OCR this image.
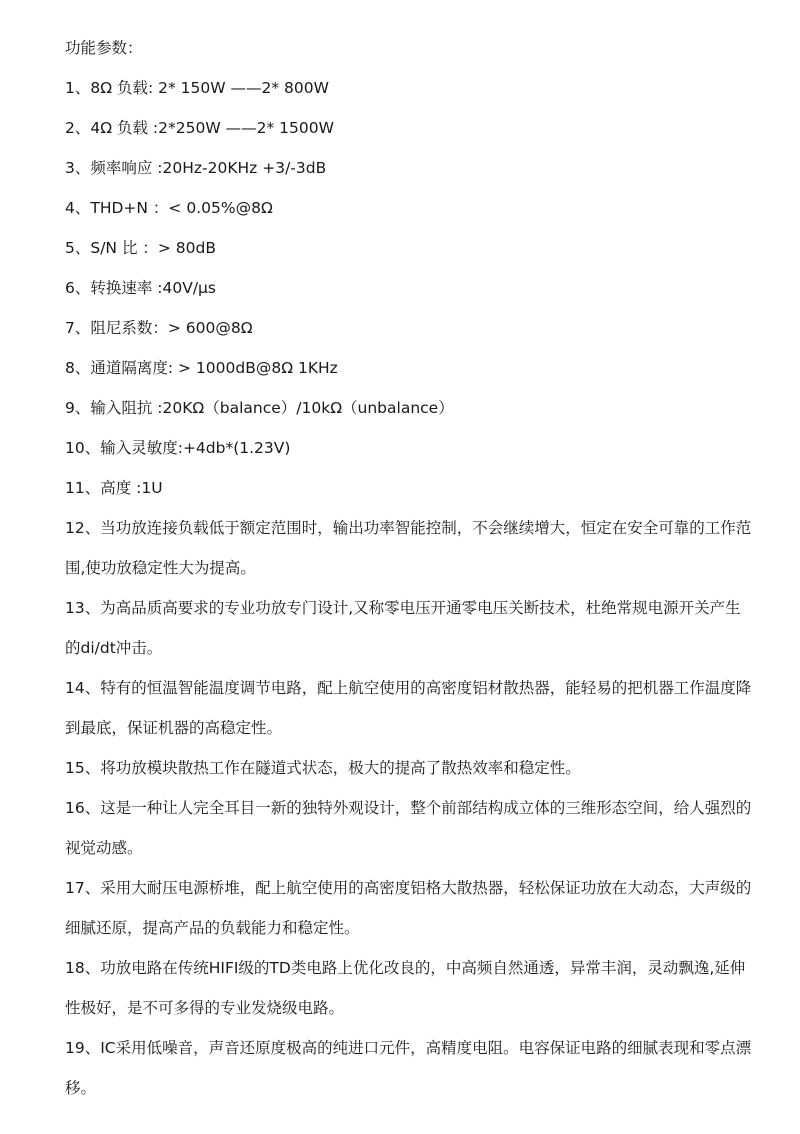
功能参数：

1、8Ω 负载: 2* 150W ——2* 800W

2、4Ω 负载 :2*250W ——2* 1500W

3、频率响应 :20Hz-20KHz +3/-3dB

4、THD+N ：< 0.05%@8Ω

5、S/N 比 ：> 80dB

6、转换速率 :40V/μs

7、阻尼系数：> 600@8Ω

8、通道隔离度: > 1000dB@8Ω 1KHz

9、输入阻抗 :20KΩ（balance）/10kΩ（unbalance）

10、输入灵敏度:+4db*(1.23V)

11、高度 :1U

12、当功放连接负载低于额定范围时，输出功率智能控制，不会继续增大，恒定在安全可靠的工作范围,使功放稳定性大为提高。

13、为高品质高要求的专业功放专门设计,又称零电压开通零电压关断技术，杜绝常规电源开关产生的di/dt冲击。

14、特有的恒温智能温度调节电路，配上航空使用的高密度铝材散热器，能轻易的把机器工作温度降到最底，保证机器的高稳定性。

15、将功放模块散热工作在隧道式状态，极大的提高了散热效率和稳定性。

16、这是一种让人完全耳目一新的独特外观设计，整个前部结构成立体的三维形态空间，给人强烈的视觉动感。

17、采用大耐压电源桥堆，配上航空使用的高密度铝格大散热器，轻松保证功放在大动态，大声级的细腻还原，提高产品的负载能力和稳定性。

18、功放电路在传统HIFI级的TD类电路上优化改良的，中高频自然通透，异常丰润，灵动飘逸,延伸性极好，是不可多得的专业发烧级电路。

19、IC采用低噪音，声音还原度极高的纯进口元件，高精度电阻。电容保证电路的细腻表现和零点漂移。
